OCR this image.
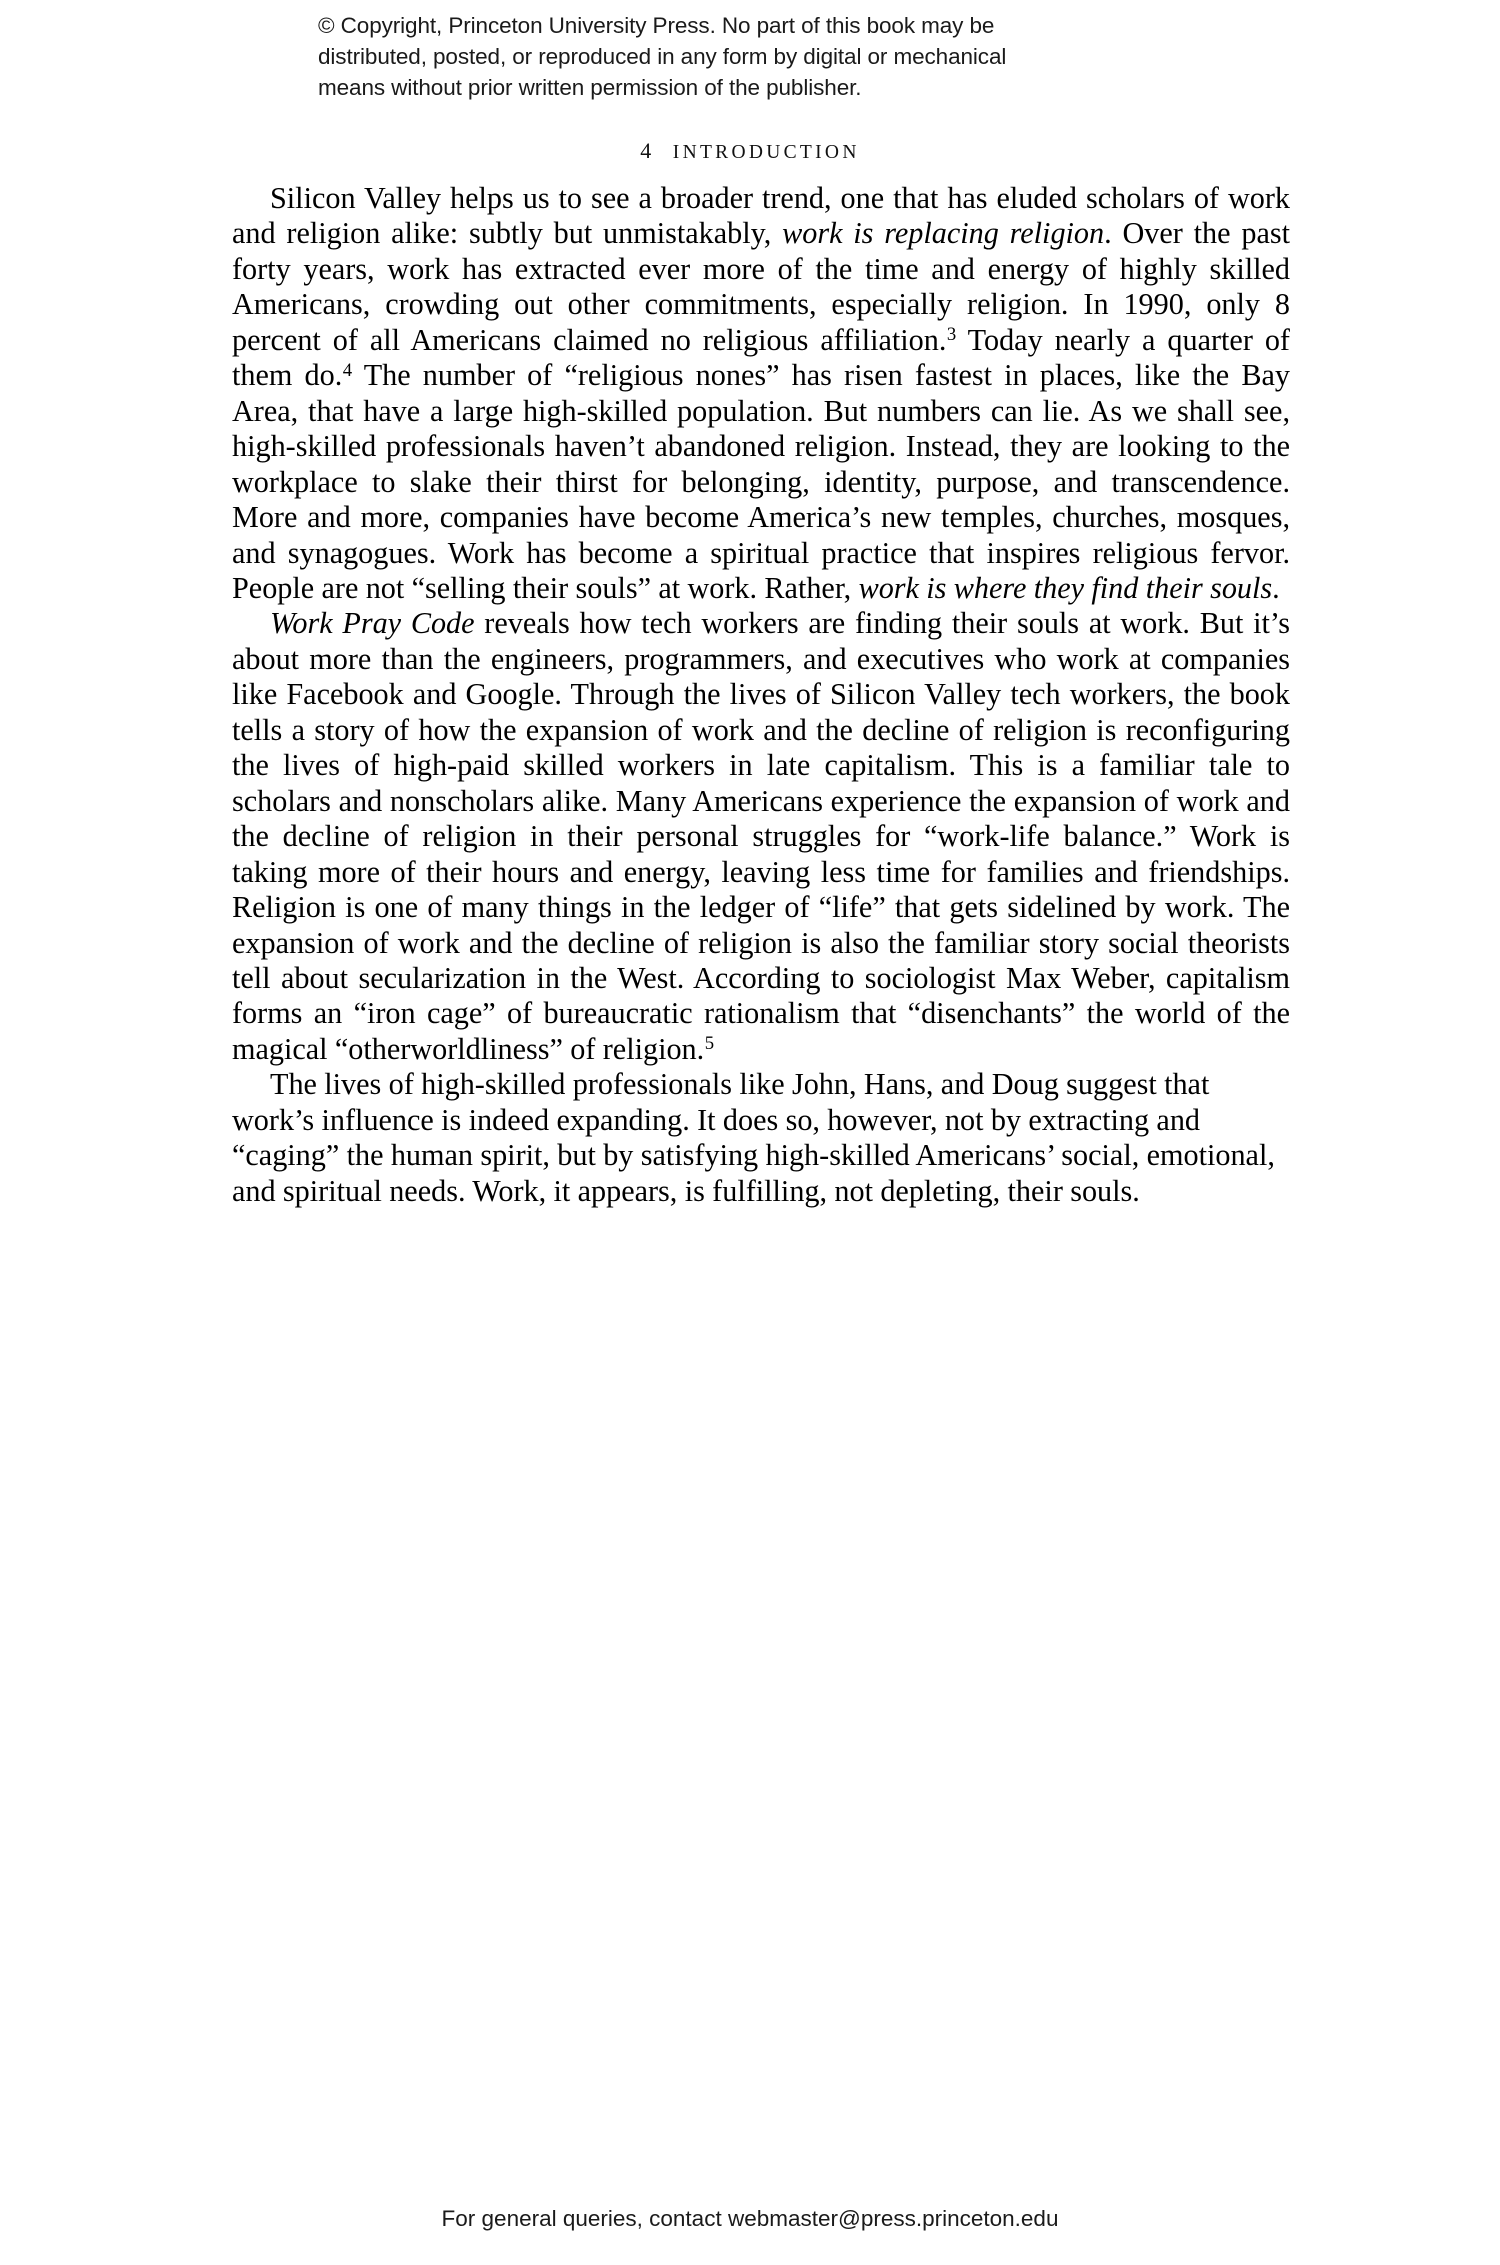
© Copyright, Princeton University Press. No part of this book may be
distributed, posted, or reproduced in any form by digital or mechanical
means without prior written permission of the publisher.
4 INTRODUCTION

Silicon Valley helps us to see a broader trend, one that has eluded scholars of work and religion alike: subtly but unmistakably, work is replacing religion. Over the past forty years, work has extracted ever more of the time and energy of highly skilled Americans, crowding out other commitments, especially religion. In 1990, only 8 percent of all Americans claimed no religious affiliation.$^3$ Today nearly a quarter of them do.$^4$ The number of “religious nones” has risen fastest in places, like the Bay Area, that have a large high-skilled population. But numbers can lie. As we shall see, high-skilled professionals haven’t abandoned religion. Instead, they are looking to the workplace to slake their thirst for belonging, identity, purpose, and transcendence. More and more, companies have become America’s new temples, churches, mosques, and synagogues. Work has become a spiritual practice that inspires religious fervor. People are not “selling their souls” at work. Rather, work is where they find their souls.

Work Pray Code reveals how tech workers are finding their souls at work. But it’s about more than the engineers, programmers, and executives who work at companies like Facebook and Google. Through the lives of Silicon Valley tech workers, the book tells a story of how the expansion of work and the decline of religion is reconfiguring the lives of high-paid skilled workers in late capitalism. This is a familiar tale to scholars and nonscholars alike. Many Americans experience the expansion of work and the decline of religion in their personal struggles for “work-life balance.” Work is taking more of their hours and energy, leaving less time for families and friendships. Religion is one of many things in the ledger of “life” that gets sidelined by work. The expansion of work and the decline of religion is also the familiar story social theorists tell about secularization in the West. According to sociologist Max Weber, capitalism forms an “iron cage” of bureaucratic rationalism that “disenchants” the world of the magical “otherworldliness” of religion.$^5$

The lives of high-skilled professionals like John, Hans, and Doug suggest that work’s influence is indeed expanding. It does so, however, not by extracting and “caging” the human spirit, but by satisfying high-skilled Americans’ social, emotional, and spiritual needs. Work, it appears, is fulfilling, not depleting, their souls.

For general queries, contact webmaster@press.princeton.edu
